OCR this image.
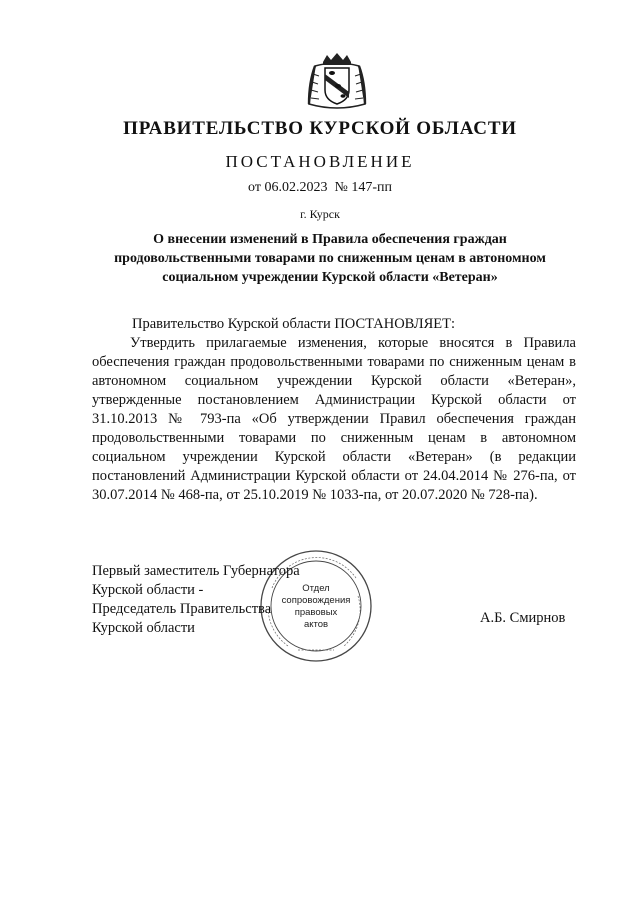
ПРАВИТЕЛЬСТВО КУРСКОЙ ОБЛАСТИ
ПОСТАНОВЛЕНИЕ
от 06.02.2023  № 147-пп
г. Курск
О внесении изменений в Правила обеспечения граждан продовольственными товарами по сниженным ценам в автономном социальном учреждении Курской области «Ветеран»
Правительство Курской области ПОСТАНОВЛЯЕТ:

Утвердить прилагаемые изменения, которые вносятся в Правила обеспечения граждан продовольственными товарами по сниженным ценам в автономном социальном учреждении Курской области «Ветеран», утвержденные постановлением Администрации Курской области от 31.10.2013 № 793-па «Об утверждении Правил обеспечения граждан продовольственными товарами по сниженным ценам в автономном социальном учреждении Курской области «Ветеран» (в редакции постановлений Администрации Курской области от 24.04.2014 № 276-па, от 30.07.2014 № 468-па, от 25.10.2019 № 1033-па, от 20.07.2020 № 728-па).

Отдел
сопровождения
правовых
актов
Первый заместитель Губернатора
Курской области -
Председатель Правительства
Курской области
А.Б. Смирнов
